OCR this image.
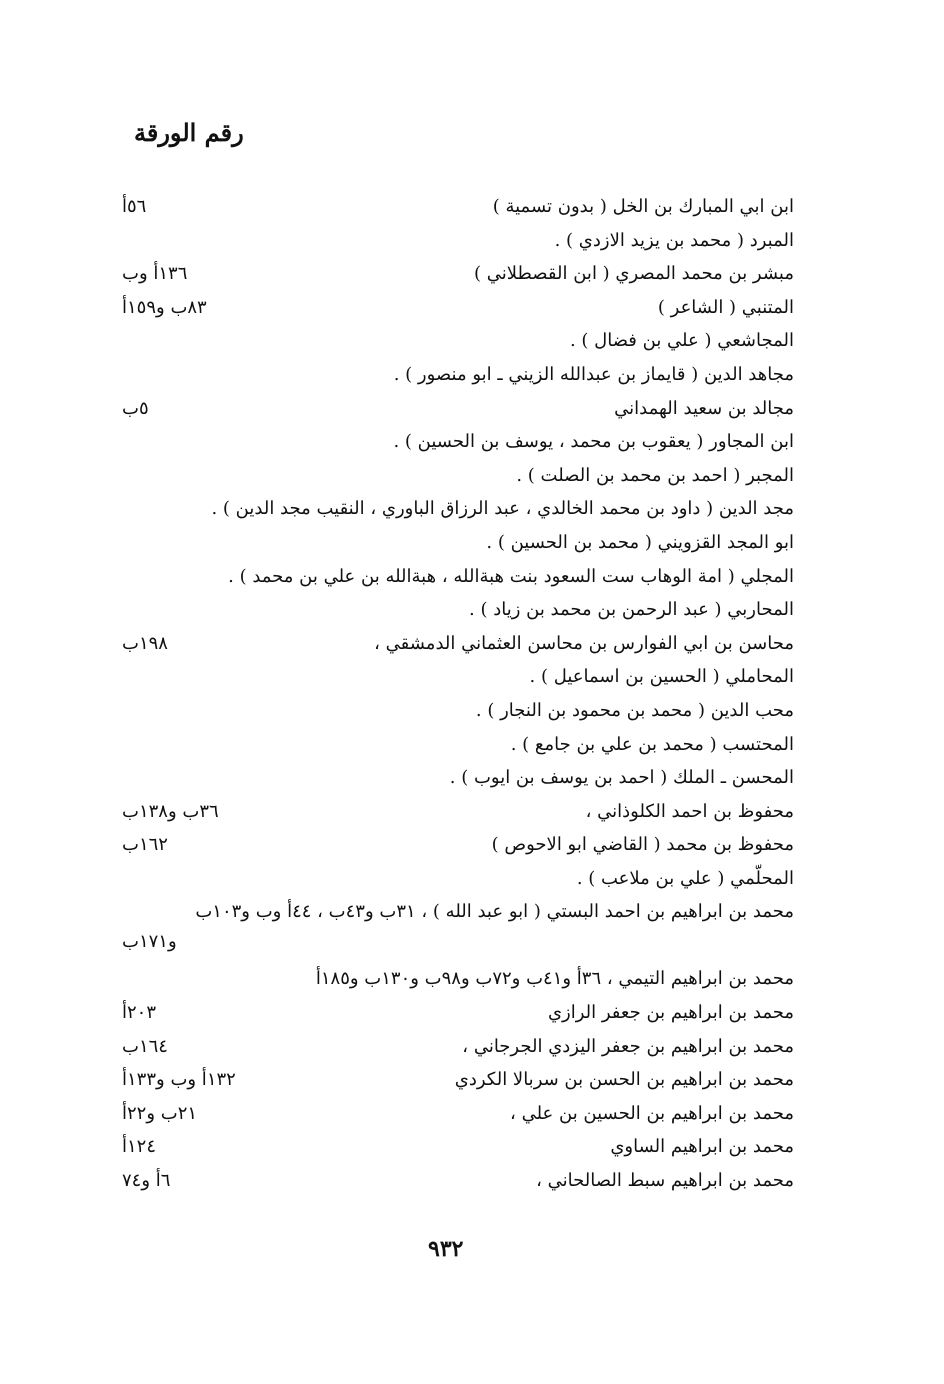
رقم الورقة
ابن ابي المبارك بن الخل ( بدون تسمية )
٥٦أ
المبرد ( محمد بن يزيد الازدي ) .
مبشر بن محمد المصري ( ابن القصطلاني )
١٣٦أ وب
المتنبي ( الشاعر )
٨٣ب و١٥٩أ
المجاشعي ( علي بن فضال ) .
مجاهد الدين ( قايماز بن عبدالله الزيني ـ ابو منصور ) .
مجالد بن سعيد الهمداني
٥ب
ابن المجاور ( يعقوب بن محمد ، يوسف بن الحسين ) .
المجبر ( احمد بن محمد بن الصلت ) .
مجد الدين ( داود بن محمد الخالدي ، عبد الرزاق الباوري ، النقيب مجد الدين ) .
ابو المجد القزويني ( محمد بن الحسين ) .
المجلي ( امة الوهاب ست السعود بنت هبةالله ، هبةالله بن علي بن محمد ) .
المحاربي ( عبد الرحمن بن محمد بن زياد ) .
محاسن بن ابي الفوارس بن محاسن العثماني الدمشقي ،
١٩٨ب
المحاملي ( الحسين بن اسماعيل ) .
محب الدين ( محمد بن محمود بن النجار ) .
المحتسب ( محمد بن علي بن جامع ) .
المحسن ـ الملك ( احمد بن يوسف بن ايوب ) .
محفوظ بن احمد الكلوذاني ،
٣٦ب و١٣٨ب
محفوظ بن محمد ( القاضي ابو الاحوص )
١٦٢ب
المحلّمي ( علي بن ملاعب ) .
محمد بن ابراهيم بن احمد البستي ( ابو عبد الله ) ، ٣١ب و٤٣ب ، ٤٤أ وب و١٠٣ب
و١٧١ب
محمد بن ابراهيم التيمي ، ٣٦أ و٤١ب و٧٢ب و٩٨ب و١٣٠ب و١٨٥أ
محمد بن ابراهيم بن جعفر الرازي
٢٠٣أ
محمد بن ابراهيم بن جعفر اليزدي الجرجاني ،
١٦٤ب
محمد بن ابراهيم بن الحسن بن سربالا الكردي
١٣٢أ وب و١٣٣أ
محمد بن ابراهيم بن الحسين بن علي ،
٢١ب و٢٢أ
محمد بن ابراهيم الساوي
١٢٤أ
محمد بن ابراهيم سبط الصالحاني ،
٦أ و٧٤
٩٣٢
